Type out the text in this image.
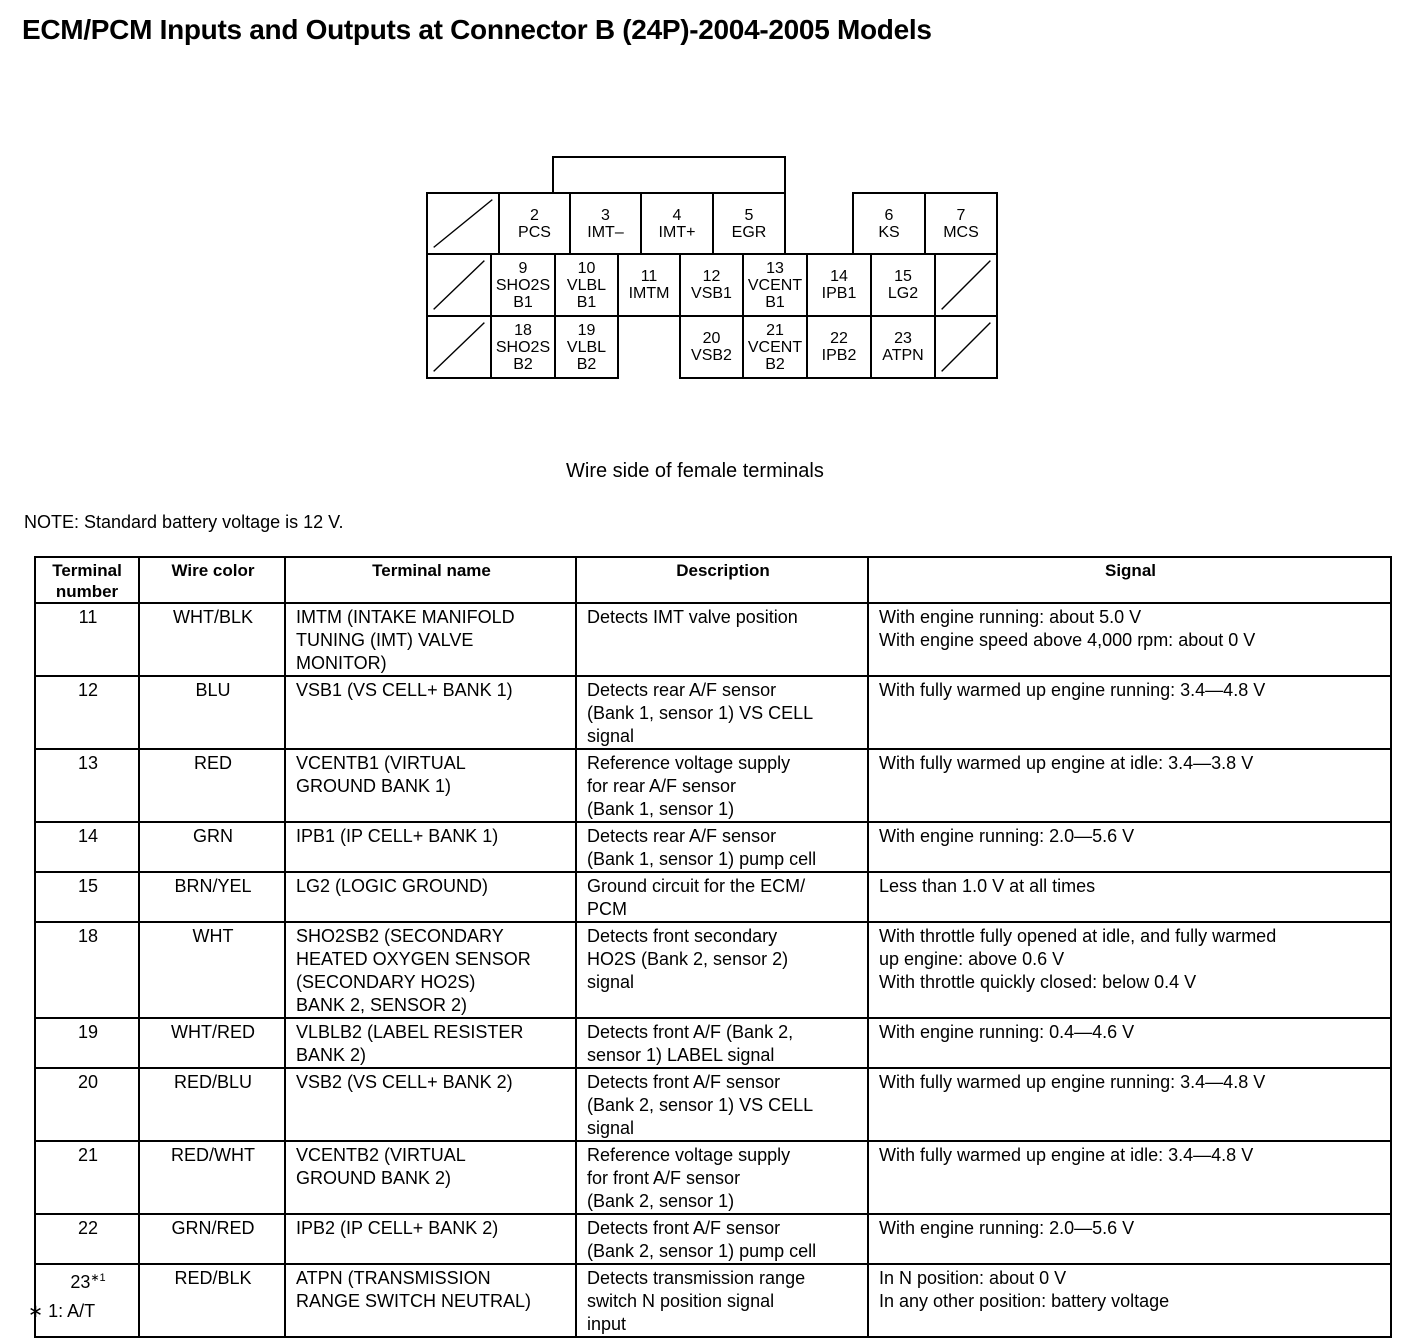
ECM/PCM Inputs and Outputs at Connector B (24P)-2004-2005 Models
2
PCS
3
IMT–
4
IMT+
5
EGR
6
KS
7
MCS
9
SHO2S
B1
10
VLBL
B1
11
IMTM
12
VSB1
13
VCENT
B1
14
IPB1
15
LG2
18
SHO2S
B2
19
VLBL
B2
20
VSB2
21
VCENT
B2
22
IPB2
23
ATPN
Wire side of female terminals
NOTE: Standard battery voltage is 12 V.
Terminal number	Wire color	Terminal name	Description	Signal
11	WHT/BLK	IMTM (INTAKE MANIFOLD
TUNING (IMT) VALVE
MONITOR)	Detects IMT valve position	With engine running: about 5.0 V
With engine speed above 4,000 rpm: about 0 V

12	BLU	VSB1 (VS CELL+ BANK 1)	Detects rear A/F sensor
(Bank 1, sensor 1) VS CELL
signal	With fully warmed up engine running: 3.4—4.8 V

13	RED	VCENTB1 (VIRTUAL
GROUND BANK 1)	Reference voltage supply
for rear A/F sensor
(Bank 1, sensor 1)	With fully warmed up engine at idle: 3.4—3.8 V

14	GRN	IPB1 (IP CELL+ BANK 1)	Detects rear A/F sensor
(Bank 1, sensor 1) pump cell	With engine running: 2.0—5.6 V

15	BRN/YEL	LG2 (LOGIC GROUND)	Ground circuit for the ECM/
PCM	Less than 1.0 V at all times

18	WHT	SHO2SB2 (SECONDARY
HEATED OXYGEN SENSOR
(SECONDARY HO2S)
BANK 2, SENSOR 2)	Detects front secondary
HO2S (Bank 2, sensor 2)
signal	With throttle fully opened at idle, and fully warmed
up engine: above 0.6 V
With throttle quickly closed: below 0.4 V

19	WHT/RED	VLBLB2 (LABEL RESISTER
BANK 2)	Detects front A/F (Bank 2,
sensor 1) LABEL signal	With engine running: 0.4—4.6 V

20	RED/BLU	VSB2 (VS CELL+ BANK 2)	Detects front A/F sensor
(Bank 2, sensor 1) VS CELL
signal	With fully warmed up engine running: 3.4—4.8 V

21	RED/WHT	VCENTB2 (VIRTUAL
GROUND BANK 2)	Reference voltage supply
for front A/F sensor
(Bank 2, sensor 1)	With fully warmed up engine at idle: 3.4—4.8 V

22	GRN/RED	IPB2 (IP CELL+ BANK 2)	Detects front A/F sensor
(Bank 2, sensor 1) pump cell	With engine running: 2.0—5.6 V

$23^{∗1}$	RED/BLK	ATPN (TRANSMISSION
RANGE SWITCH NEUTRAL)	Detects transmission range
switch N position signal
input	In N position: about 0 V
In any other position: battery voltage
∗ 1: A/T
